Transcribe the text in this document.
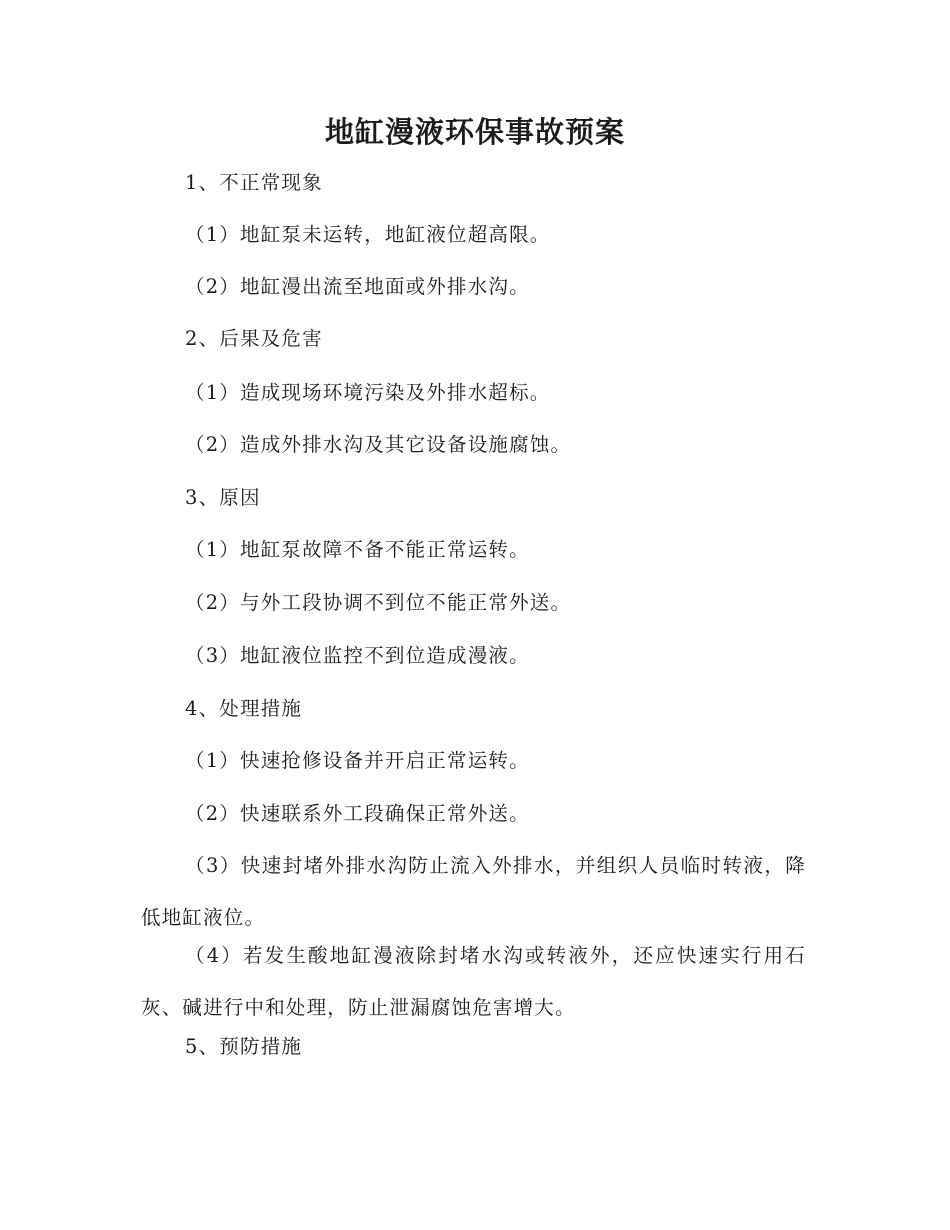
地缸漫液环保事故预案

1、不正常现象

（1）地缸泵未运转，地缸液位超高限。

（2）地缸漫出流至地面或外排水沟。

2、后果及危害

（1）造成现场环境污染及外排水超标。

（2）造成外排水沟及其它设备设施腐蚀。

3、原因

（1）地缸泵故障不备不能正常运转。

（2）与外工段协调不到位不能正常外送。

（3）地缸液位监控不到位造成漫液。

4、处理措施

（1）快速抢修设备并开启正常运转。

（2）快速联系外工段确保正常外送。

（3）快速封堵外排水沟防止流入外排水，并组织人员临时转液，降低地缸液位。

（4）若发生酸地缸漫液除封堵水沟或转液外，还应快速实行用石灰、碱进行中和处理，防止泄漏腐蚀危害增大。

5、预防措施
